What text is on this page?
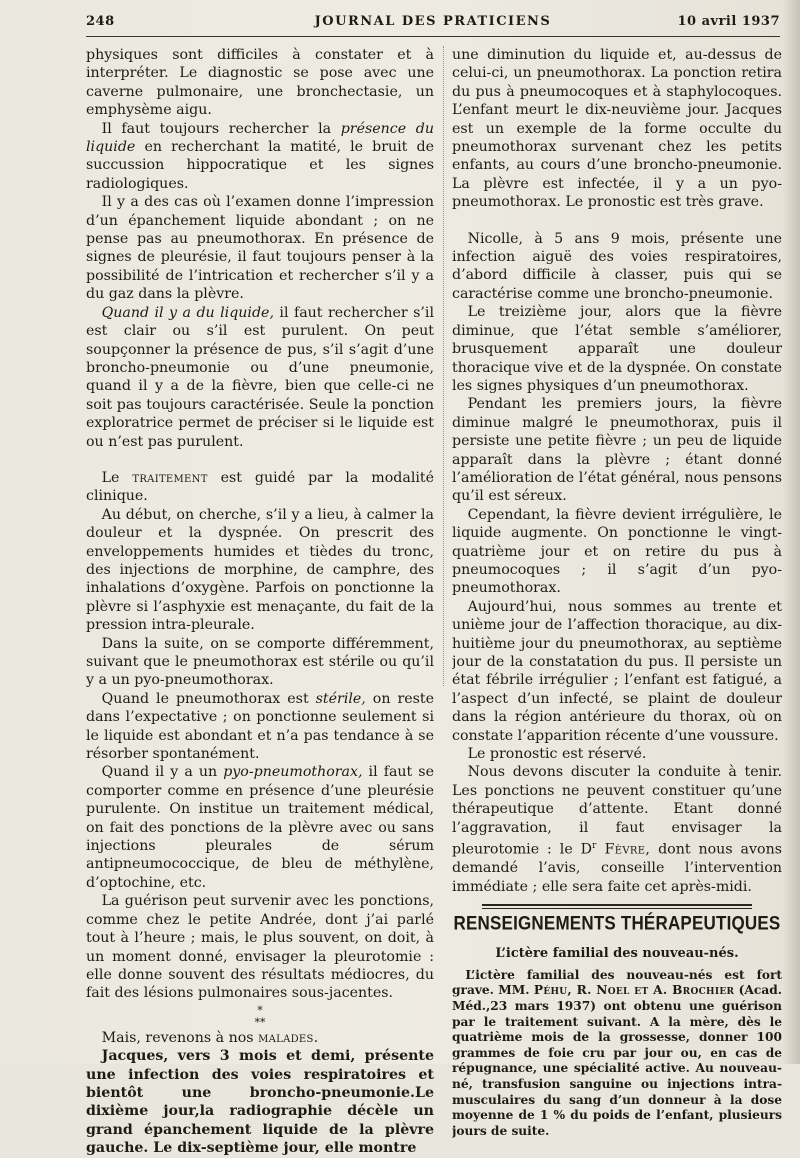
JOURNAL DES PRATICIENS
248	10 avril 1937

physiques sont difficiles à constater et à interpréter. Le diagnostic se pose avec une caverne pulmonaire, une bronchectasie, un emphysème aigu.

Il faut toujours rechercher la présence du liquide en recherchant la matité, le bruit de succussion hippocratique et les signes radiologiques.

Il y a des cas où l’examen donne l’impression d’un épanchement liquide abondant ; on ne pense pas au pneumothorax. En présence de signes de pleurésie, il faut toujours penser à la possibilité de l’intrication et rechercher s’il y a du gaz dans la plèvre.

Quand il y a du liquide, il faut rechercher s’il est clair ou s’il est purulent. On peut soupçonner la présence de pus, s’il s’agit d’une broncho-pneumonie ou d’une pneumonie, quand il y a de la fièvre, bien que celle-ci ne soit pas toujours caractérisée. Seule la ponction exploratrice permet de préciser si le liquide est ou n’est pas purulent.

Le traitement est guidé par la modalité clinique.

Au début, on cherche, s’il y a lieu, à calmer la douleur et la dyspnée. On prescrit des enveloppements humides et tièdes du tronc, des injections de morphine, de camphre, des inhalations d’oxygène. Parfois on ponctionne la plèvre si l’asphyxie est menaçante, du fait de la pression intra-pleurale.

Dans la suite, on se comporte différemment, suivant que le pneumothorax est stérile ou qu’il y a un pyo-pneumothorax.

Quand le pneumothorax est stérile, on reste dans l’expectative ; on ponctionne seulement si le liquide est abondant et n’a pas tendance à se résorber spontanément.

Quand il y a un pyo-pneumothorax, il faut se comporter comme en présence d’une pleurésie purulente. On institue un traitement médical, on fait des ponctions de la plèvre avec ou sans injections pleurales de sérum antipneumococcique, de bleu de méthylène, d’optochine, etc.

La guérison peut survenir avec les ponctions, comme chez le petite Andrée, dont j’ai parlé tout à l’heure ; mais, le plus souvent, on doit, à un moment donné, envisager la pleurotomie : elle donne souvent des résultats médiocres, du fait des lésions pulmonaires sous-jacentes.

*
**

Mais, revenons à nos malades.

Jacques, vers 3 mois et demi, présente une infection des voies respiratoires et bientôt une broncho-pneumonie.Le dixième jour,la radiographie décèle un grand épanchement liquide de la plèvre gauche. Le dix-septième jour, elle montre

une diminution du liquide et, au-dessus de celui-ci, un pneumothorax. La ponction retira du pus à pneumocoques et à staphylocoques. L’enfant meurt le dix-neuvième jour. Jacques est un exemple de la forme occulte du pneumothorax survenant chez les petits enfants, au cours d’une broncho-pneumonie. La plèvre est infectée, il y a un pyo-pneumothorax. Le pronostic est très grave.

Nicolle, à 5 ans 9 mois, présente une infection aiguë des voies respiratoires, d’abord difficile à classer, puis qui se caractérise comme une broncho-pneumonie.

Le treizième jour, alors que la fièvre diminue, que l’état semble s’améliorer, brusquement apparaît une douleur thoracique vive et de la dyspnée. On constate les signes physiques d’un pneumothorax.

Pendant les premiers jours, la fièvre diminue malgré le pneumothorax, puis il persiste une petite fièvre ; un peu de liquide apparaît dans la plèvre ; étant donné l’amélioration de l’état général, nous pensons qu’il est séreux.

Cependant, la fièvre devient irrégulière, le liquide augmente. On ponctionne le vingt-quatrième jour et on retire du pus à pneumocoques ; il s’agit d’un pyo-pneumothorax.

Aujourd’hui, nous sommes au trente et unième jour de l’affection thoracique, au dix-huitième jour du pneumothorax, au septième jour de la constatation du pus. Il persiste un état fébrile irrégulier ; l’enfant est fatigué, a l’aspect d’un infecté, se plaint de douleur dans la région antérieure du thorax, où on constate l’apparition récente d’une voussure.

Le pronostic est réservé.

Nous devons discuter la conduite à tenir. Les ponctions ne peuvent constituer qu’une thérapeutique d’attente. Etant donné l’aggravation, il faut envisager la pleurotomie : le $D^r$ Fèvre, dont nous avons demandé l’avis, conseille l’intervention immédiate ; elle sera faite cet après-midi.

RENSEIGNEMENTS THÉRAPEUTIQUES
L’ictère familial des nouveau-nés.

L’ictère familial des nouveau-nés est fort grave. MM. Péhu, R. Noel et A. Brochier (Acad. Méd.,23 mars 1937) ont obtenu une guérison par le traitement suivant. A la mère, dès le quatrième mois de la grossesse, donner 100 grammes de foie cru par jour ou, en cas de répugnance, une spécialité active. Au nouveau-né, transfusion sanguine ou injections intra-musculaires du sang d’un donneur à la dose moyenne de 1 % du poids de l’enfant, plusieurs jours de suite.
